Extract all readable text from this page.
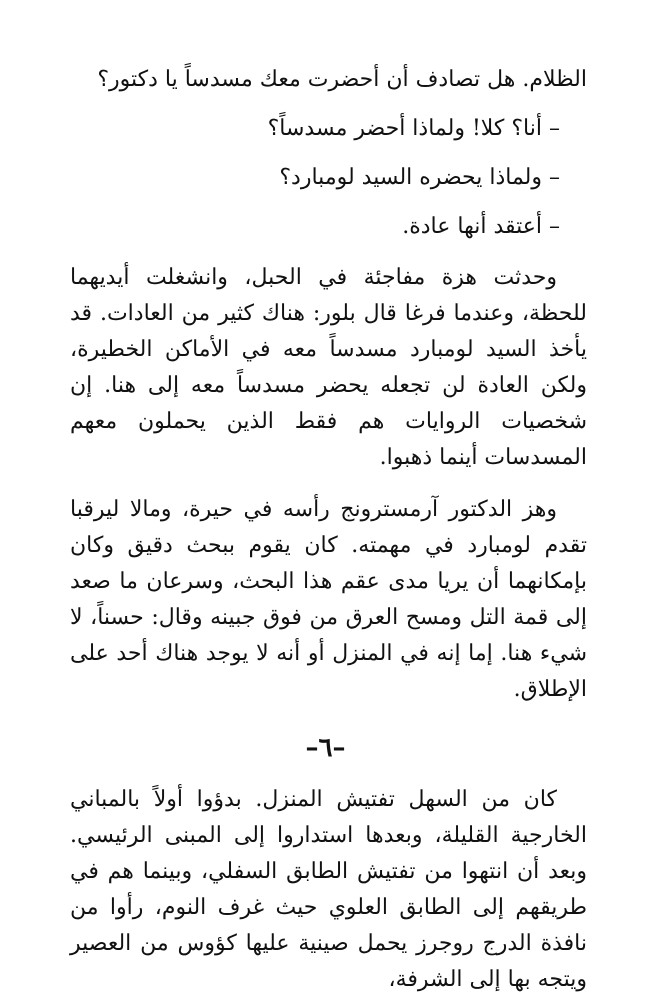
الظلام. هل تصادف أن أحضرت معك مسدساً يا دكتور؟

– أنا؟ كلا! ولماذا أحضر مسدساً؟

– ولماذا يحضره السيد لومبارد؟

– أعتقد أنها عادة.

وحدثت هزة مفاجئة في الحبل، وانشغلت أيديهما للحظة، وعندما فرغا قال بلور: هناك كثير من العادات. قد يأخذ السيد لومبارد مسدساً معه في الأماكن الخطيرة، ولكن العادة لن تجعله يحضر مسدساً معه إلى هنا. إن شخصيات الروايات هم فقط الذين يحملون معهم المسدسات أينما ذهبوا.

وهز الدكتور آرمسترونج رأسه في حيرة، ومالا ليرقبا تقدم لومبارد في مهمته. كان يقوم ببحث دقيق وكان بإمكانهما أن يريا مدى عقم هذا البحث، وسرعان ما صعد إلى قمة التل ومسح العرق من فوق جبينه وقال: حسناً، لا شيء هنا. إما إنه في المنزل أو أنه لا يوجد هناك أحد على الإطلاق.

–٦–

كان من السهل تفتيش المنزل. بدؤوا أولاً بالمباني الخارجية القليلة، وبعدها استداروا إلى المبنى الرئيسي. وبعد أن انتهوا من تفتيش الطابق السفلي، وبينما هم في طريقهم إلى الطابق العلوي حيث غرف النوم، رأوا من نافذة الدرج روجرز يحمل صينية عليها كؤوس من العصير ويتجه بها إلى الشرفة،
